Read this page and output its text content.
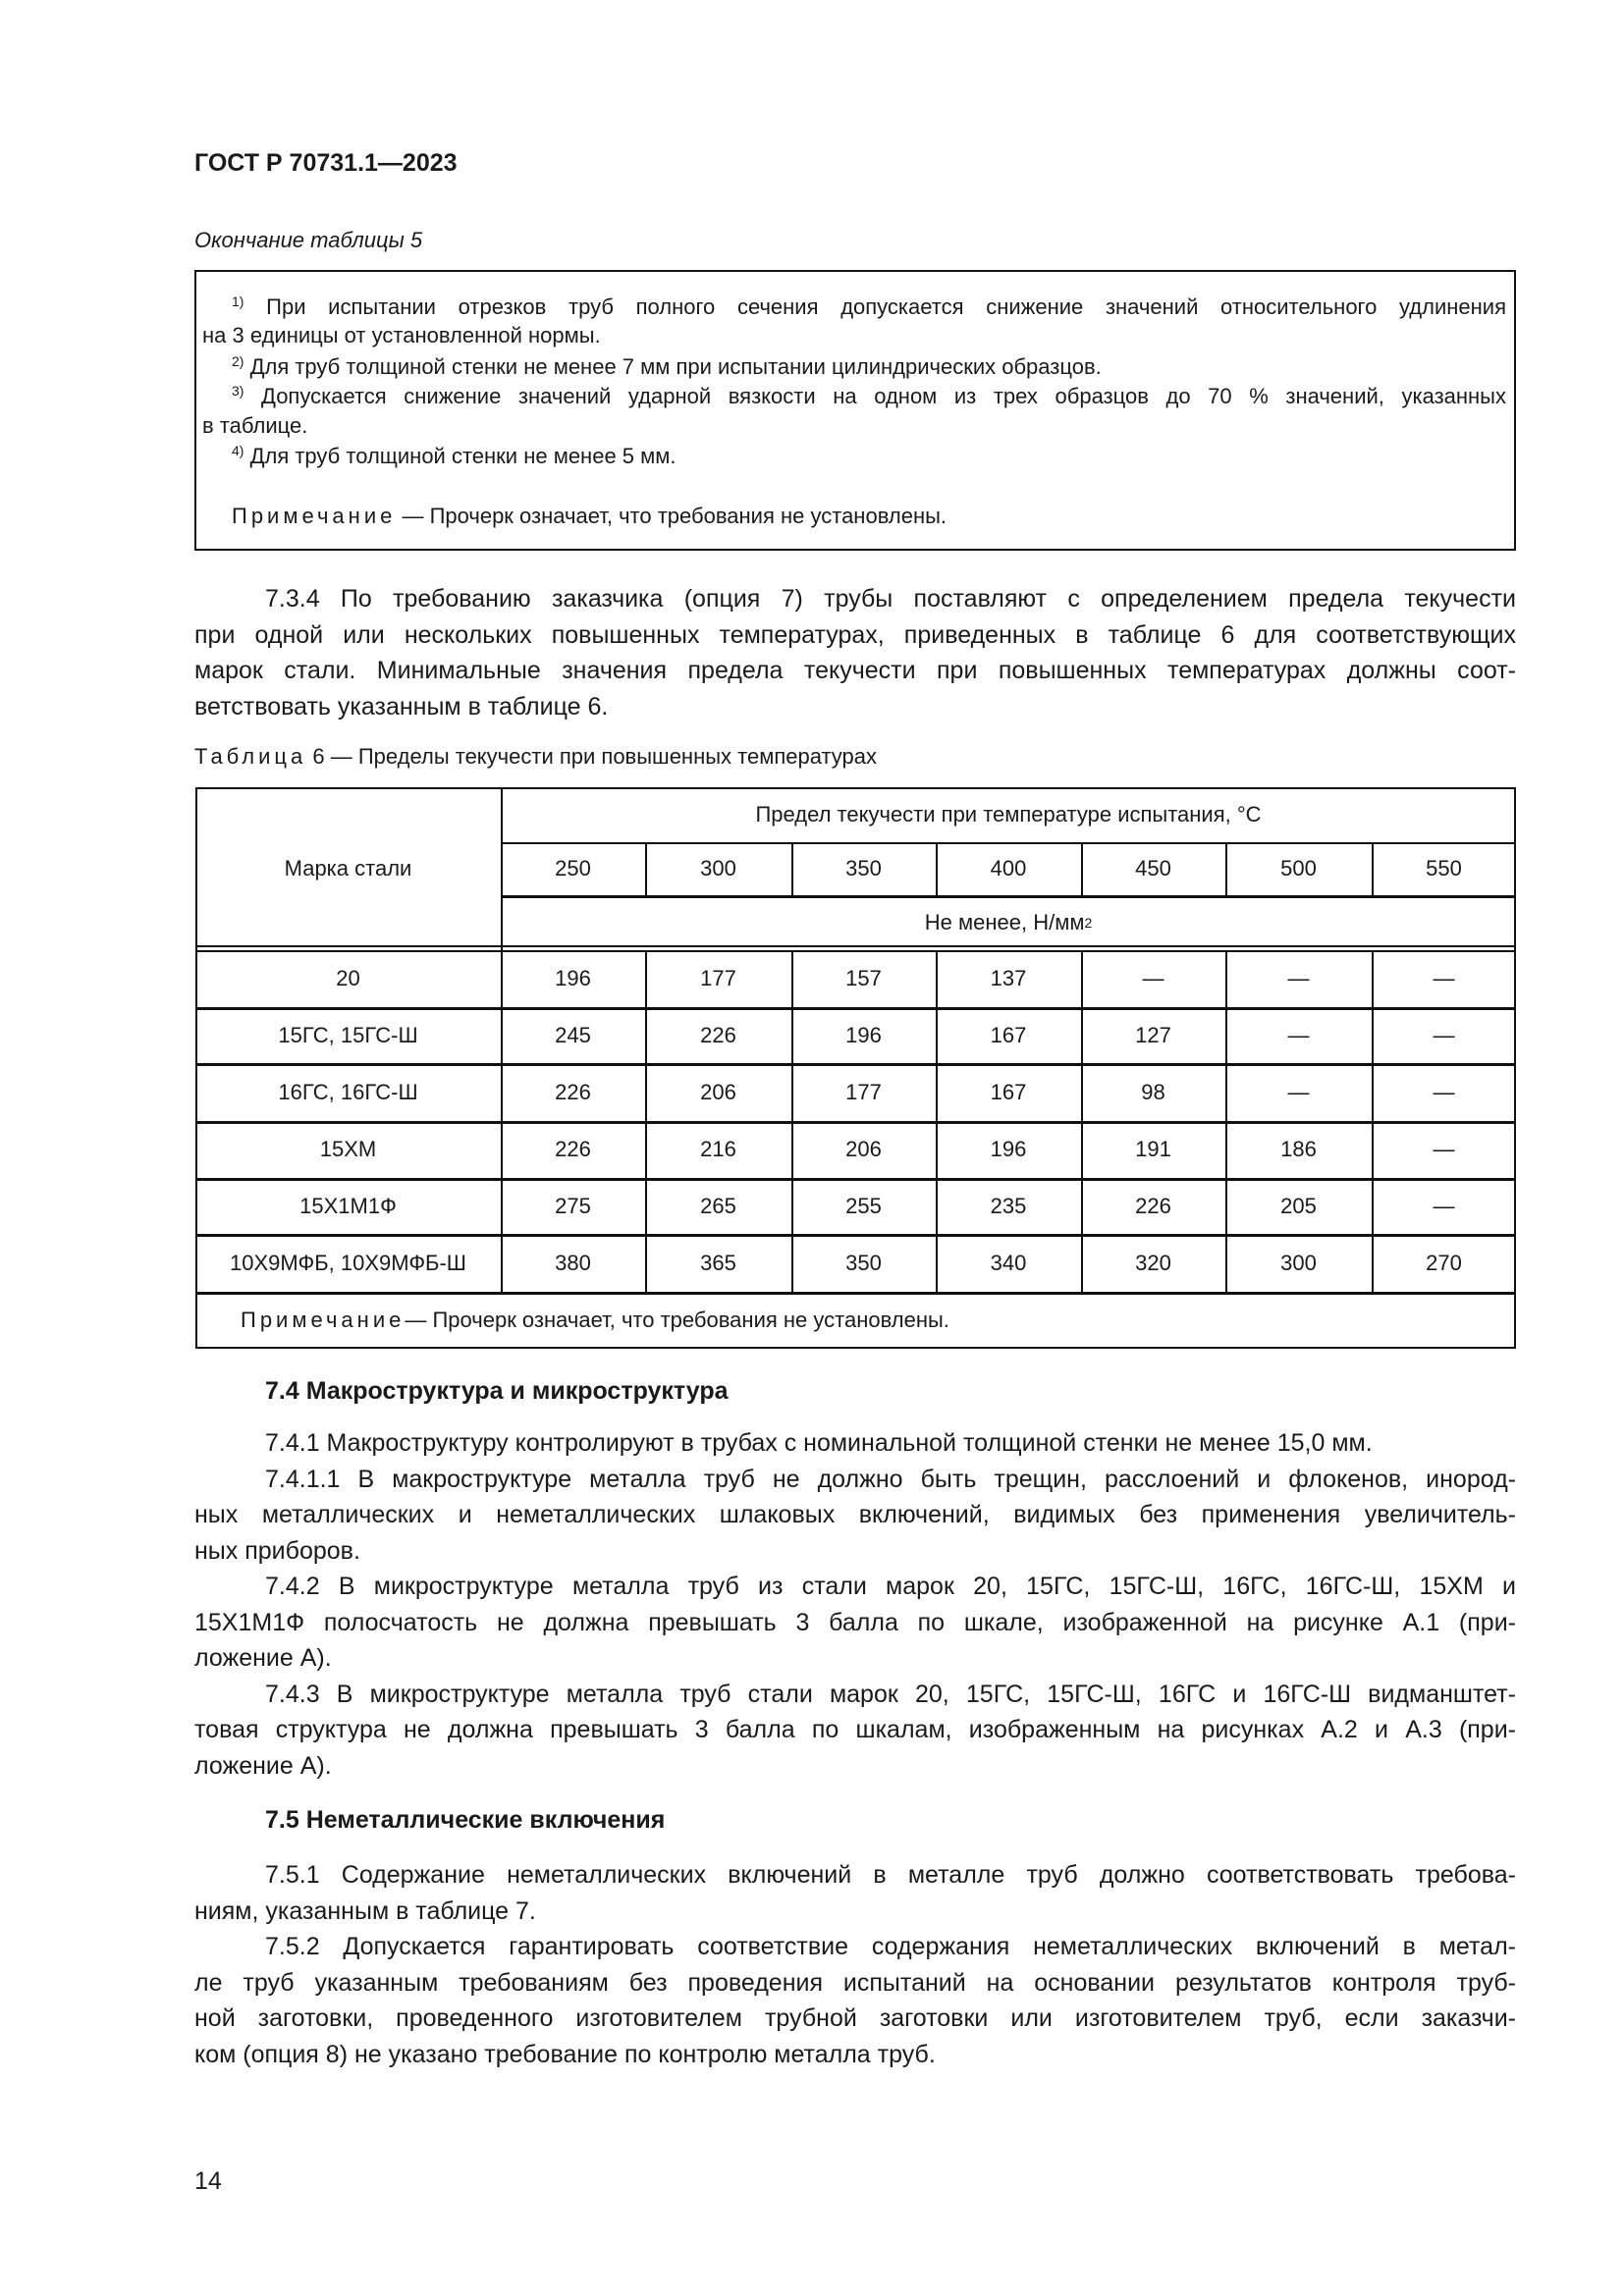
ГОСТ Р 70731.1—2023
Окончание таблицы 5
$^{1)}$ При испытании отрезков труб полного сечения допускается снижение значений относительного удлинения
на 3 единицы от установленной нормы.
$^{2)}$ Для труб толщиной стенки не менее 7 мм при испытании цилиндрических образцов.
$^{3)}$ Допускается снижение значений ударной вязкости на одном из трех образцов до 70 % значений, указанных
в таблице.
$^{4)}$ Для труб толщиной стенки не менее 5 мм.
Примечание — Прочерк означает, что требования не установлены.
7.3.4 По требованию заказчика (опция 7) трубы поставляют с определением предела текучести
при одной или нескольких повышенных температурах, приведенных в таблице 6 для соответствующих
марок стали. Минимальные значения предела текучести при повышенных температурах должны соот-
ветствовать указанным в таблице 6.
Таблица 6 — Пределы текучести при повышенных температурах
Марка стали
Предел текучести при температуре испытания, °С
250	300	350	400	450	500	550
Не менее, Н/мм 2
20	196	177	157	137	—	—	—
15ГС, 15ГС-Ш	245	226	196	167	127	—	—
16ГС, 16ГС-Ш	226	206	177	167	98	—	—
15ХМ	226	216	206	196	191	186	—
15Х1М1Ф	275	265	255	235	226	205	—
10Х9МФБ, 10Х9МФБ-Ш	380	365	350	340	320	300	270
Примечание — Прочерк означает, что требования не установлены.
7.4 Макроструктура и микроструктура
7.4.1 Макроструктуру контролируют в трубах с номинальной толщиной стенки не менее 15,0 мм.
7.4.1.1 В макроструктуре металла труб не должно быть трещин, расслоений и флокенов, инород-
ных металлических и неметаллических шлаковых включений, видимых без применения увеличитель-
ных приборов.
7.4.2 В микроструктуре металла труб из стали марок 20, 15ГС, 15ГС-Ш, 16ГС, 16ГС-Ш, 15ХМ и
15Х1М1Ф полосчатость не должна превышать 3 балла по шкале, изображенной на рисунке А.1 (при-
ложение А).
7.4.3 В микроструктуре металла труб стали марок 20, 15ГС, 15ГС-Ш, 16ГС и 16ГС-Ш видманштет-
товая структура не должна превышать 3 балла по шкалам, изображенным на рисунках А.2 и А.3 (при-
ложение А).
7.5 Неметаллические включения
7.5.1 Содержание неметаллических включений в металле труб должно соответствовать требова-
ниям, указанным в таблице 7.
7.5.2 Допускается гарантировать соответствие содержания неметаллических включений в метал-
ле труб указанным требованиям без проведения испытаний на основании результатов контроля труб-
ной заготовки, проведенного изготовителем трубной заготовки или изготовителем труб, если заказчи-
ком (опция 8) не указано требование по контролю металла труб.
14
